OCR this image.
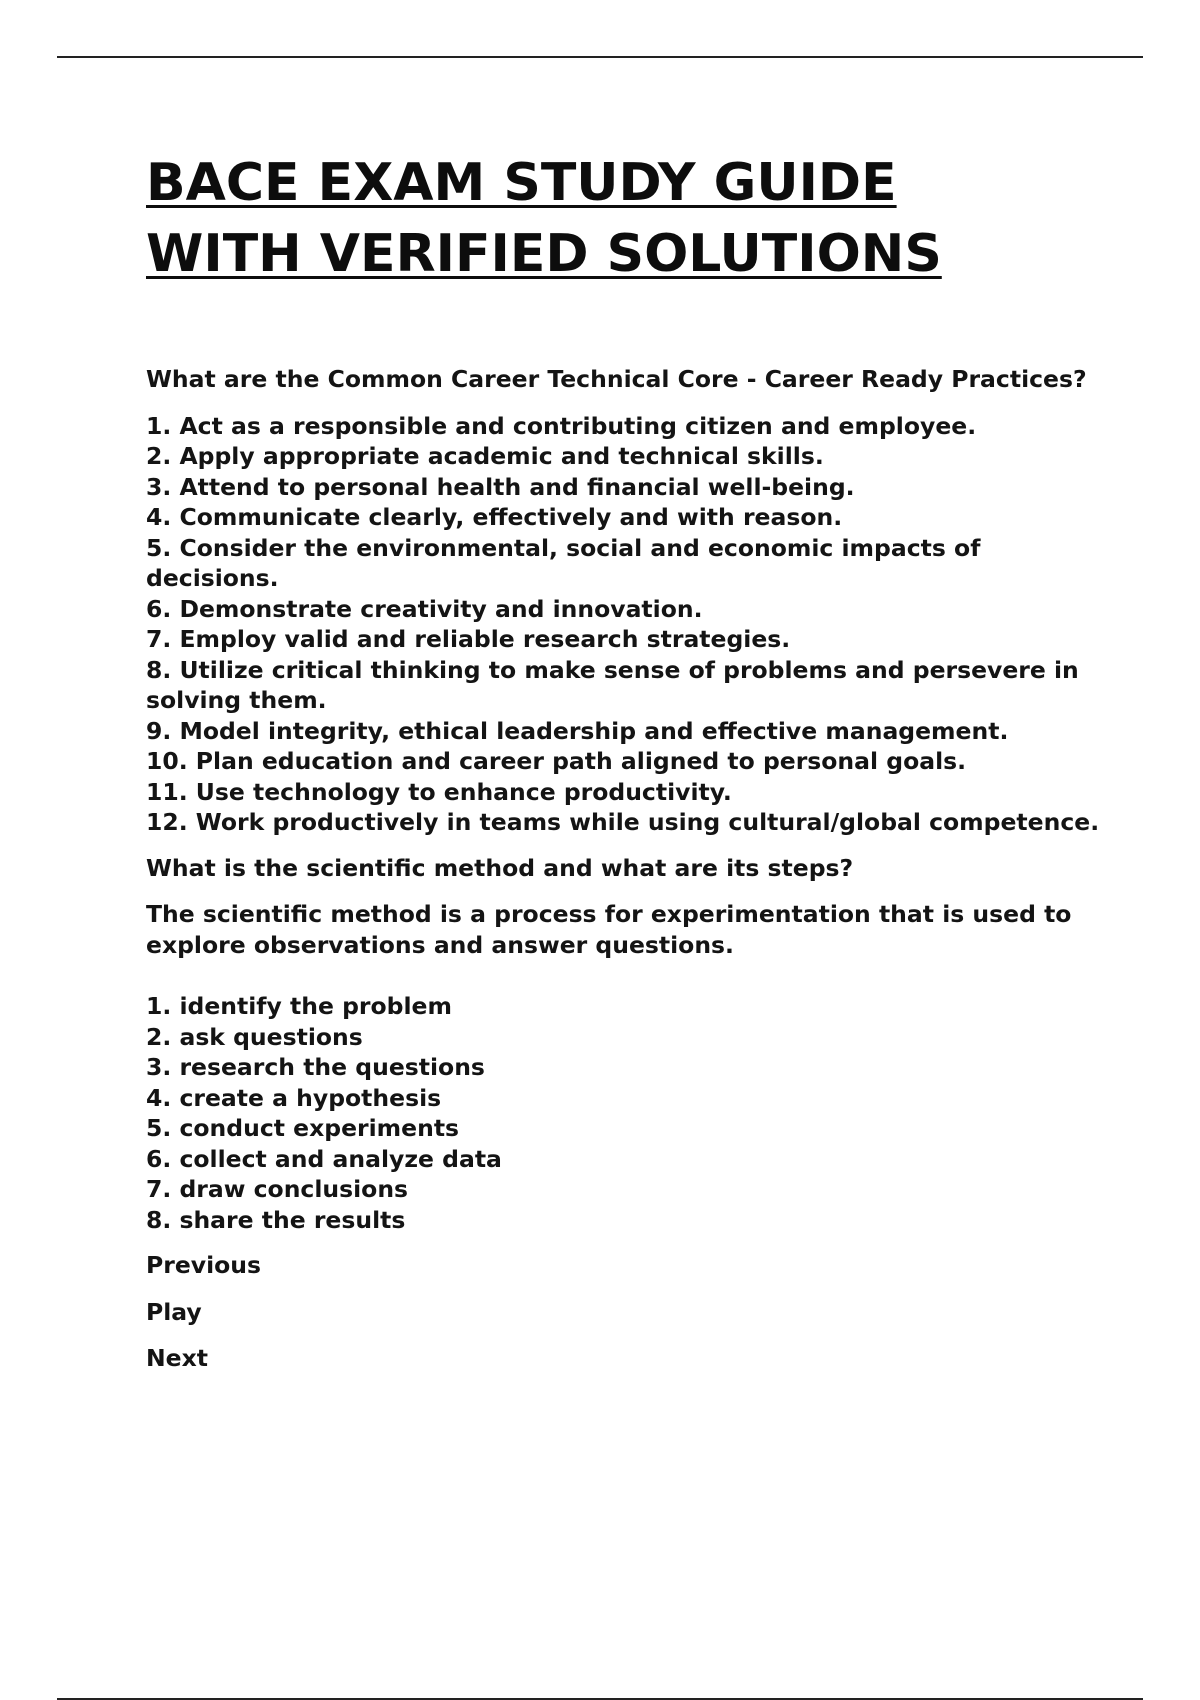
BACE EXAM STUDY GUIDE
WITH VERIFIED SOLUTIONS
What are the Common Career Technical Core - Career Ready Practices?
1. Act as a responsible and contributing citizen and employee.
2. Apply appropriate academic and technical skills.
3. Attend to personal health and financial well-being.
4. Communicate clearly, effectively and with reason.
5. Consider the environmental, social and economic impacts of decisions.
6. Demonstrate creativity and innovation.
7. Employ valid and reliable research strategies.
8. Utilize critical thinking to make sense of problems and persevere in solving them.
9. Model integrity, ethical leadership and effective management.
10. Plan education and career path aligned to personal goals.
11. Use technology to enhance productivity.
12. Work productively in teams while using cultural/global competence.
What is the scientific method and what are its steps?
The scientific method is a process for experimentation that is used to explore observations and answer questions.
1. identify the problem
2. ask questions
3. research the questions
4. create a hypothesis
5. conduct experiments
6. collect and analyze data
7. draw conclusions
8. share the results
Previous
Play
Next
